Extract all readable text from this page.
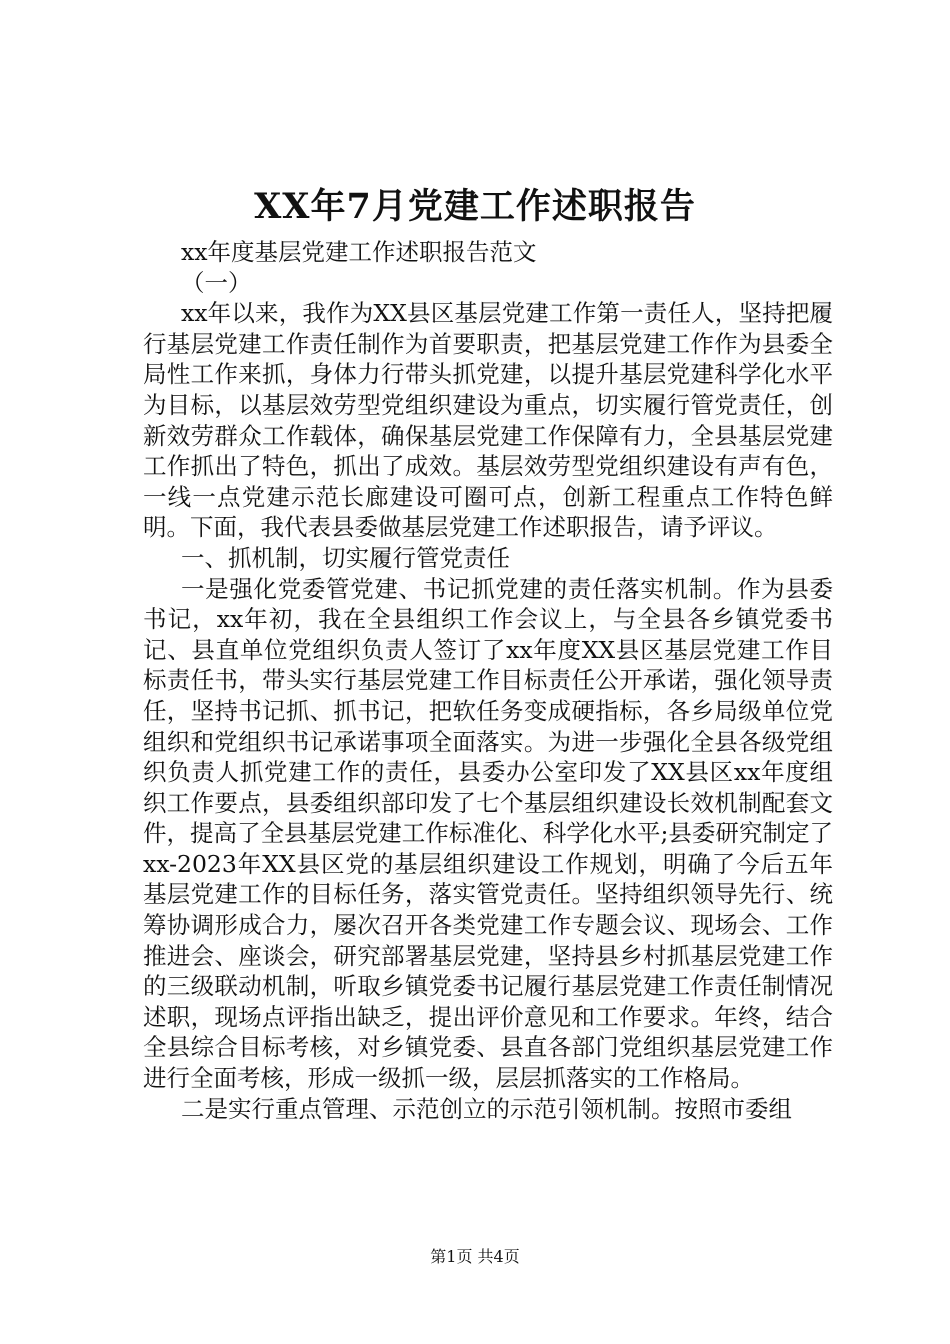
XX年7月党建工作述职报告

xx年度基层党建工作述职报告范文

（一）

xx年以来，我作为XX县区基层党建工作第一责任人，坚持把履行基层党建工作责任制作为首要职责，把基层党建工作作为县委全局性工作来抓，身体力行带头抓党建，以提升基层党建科学化水平为目标，以基层效劳型党组织建设为重点，切实履行管党责任，创新效劳群众工作载体，确保基层党建工作保障有力，全县基层党建工作抓出了特色，抓出了成效。基层效劳型党组织建设有声有色，一线一点党建示范长廊建设可圈可点，创新工程重点工作特色鲜明。下面，我代表县委做基层党建工作述职报告，请予评议。

一、抓机制，切实履行管党责任

一是强化党委管党建、书记抓党建的责任落实机制。作为县委书记，xx年初，我在全县组织工作会议上，与全县各乡镇党委书记、县直单位党组织负责人签订了xx年度XX县区基层党建工作目标责任书，带头实行基层党建工作目标责任公开承诺，强化领导责任，坚持书记抓、抓书记，把软任务变成硬指标，各乡局级单位党组织和党组织书记承诺事项全面落实。为进一步强化全县各级党组织负责人抓党建工作的责任，县委办公室印发了XX县区xx年度组织工作要点，县委组织部印发了七个基层组织建设长效机制配套文件，提高了全县基层党建工作标准化、科学化水平;县委研究制定了xx-2023年XX县区党的基层组织建设工作规划，明确了今后五年基层党建工作的目标任务，落实管党责任。坚持组织领导先行、统筹协调形成合力，屡次召开各类党建工作专题会议、现场会、工作推进会、座谈会，研究部署基层党建，坚持县乡村抓基层党建工作的三级联动机制，听取乡镇党委书记履行基层党建工作责任制情况述职，现场点评指出缺乏，提出评价意见和工作要求。年终，结合全县综合目标考核，对乡镇党委、县直各部门党组织基层党建工作进行全面考核，形成一级抓一级，层层抓落实的工作格局。

二是实行重点管理、示范创立的示范引领机制。按照市委组

第1页 共4页
